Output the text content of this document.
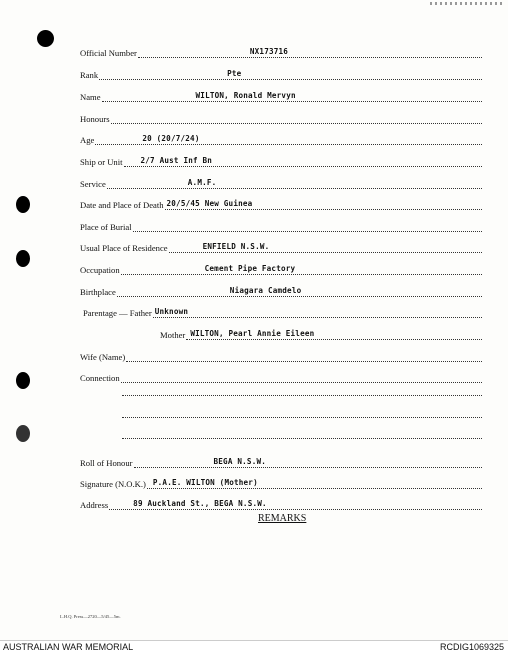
Official Number	NX173716
Rank	Pte
Name	WILTON, Ronald Mervyn
Honours
Age	20 (20/7/24)
Ship or Unit 2/7 Aust Inf Bn
Service	A.M.F.
Date and Place of Death 20/5/45 New Guinea
Place of Burial
Usual Place of Residence	ENFIELD N.S.W.
Occupation	Cement Pipe Factory
Birthplace	Niagara Camdelo
Parentage — Father Unknown
Mother WILTON, Pearl Annie Eileen
Wife (Name)
Connection
Roll of Honour	BEGA N.S.W.
Signature (N.O.K.) P.A.E. WILTON (Mother)
Address	89 Auckland St., BEGA N.S.W.
REMARKS
L.H.Q. Press—2720—5/45—5m.
AUSTRALIAN WAR MEMORIAL	RCDIG1069325
